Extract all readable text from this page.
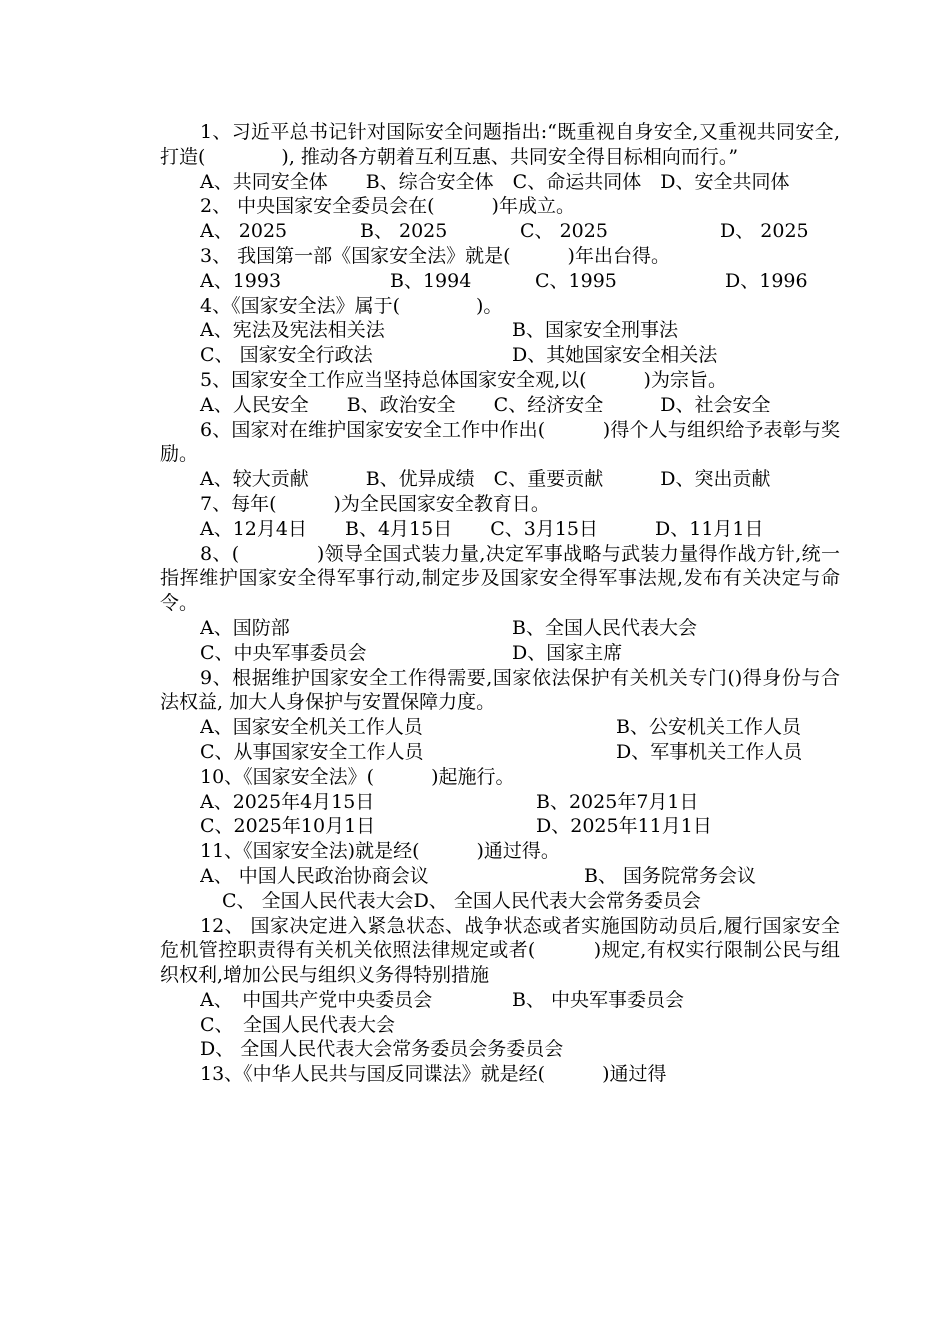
1、习近平总书记针对国际安全问题指出:“既重视自身安全,又重视共同安全,打造(　　　　), 推动各方朝着互利互惠、共同安全得目标相向而行。”
A、共同安全体　　B、综合安全体　C、命运共同体　D、安全共同体
2、 中央国家安全委员会在(　　　)年成立。
A、 2025	B、 2025	C、 2025	D、 2025
3、 我国第一部《国家安全法》就是(　　　)年出台得。
A、1993	B、1994	C、1995	D、1996
4、《国家安全法》属于(　　　　)。
A、宪法及宪法相关法	B、国家安全刑事法
C、 国家安全行政法	D、其她国家安全相关法
5、国家安全工作应当坚持总体国家安全观,以(　　　)为宗旨。
A、人民安全　　B、政治安全　　C、经济安全　　　D、社会安全
6、国家对在维护国家安安全工作中作出(　　　)得个人与组织给予表彰与奖励。
A、较大贡献　　　B、优异成绩　C、重要贡献　　　D、突出贡献
7、每年(　　　)为全民国家安全教育日。
A、12月4日　　B、4月15日　　C、3月15日　　　D、11月1日
8、(　　　　)领导全国式装力量,决定军事战略与武装力量得作战方针,统一指挥维护国家安全得军事行动,制定步及国家安全得军事法规,发布有关决定与命令。
A、国防部	B、全国人民代表大会
C、中央军事委员会	D、国家主席
9、根据维护国家安全工作得需要,国家依法保护有关机关专门()得身份与合法权益, 加大人身保护与安置保障力度。
A、国家安全机关工作人员	B、公安机关工作人员
C、从事国家安全工作人员	D、军事机关工作人员
10、《国家安全法》(　　　)起施行。
A、2025年4月15日	B、2025年7月1日
C、2025年10月1日	D、2025年11月1日
11、《国家安全法)就是经(　　　)通过得。
A、 中国人民政治协商会议	B、 国务院常务会议
C、 全国人民代表大会D、 全国人民代表大会常务委员会
12、 国家决定进入紧急状态、战争状态或者实施国防动员后,履行国家安全危机管控职责得有关机关依照法律规定或者(　　　)规定,有权实行限制公民与组织权利,增加公民与组织义务得特别措施
A、　中国共产党中央委员会	B、 中央军事委员会
C、　全国人民代表大会
D、 全国人民代表大会常务委员会务委员会
13、《中华人民共与国反同谍法》就是经(　　　)通过得
